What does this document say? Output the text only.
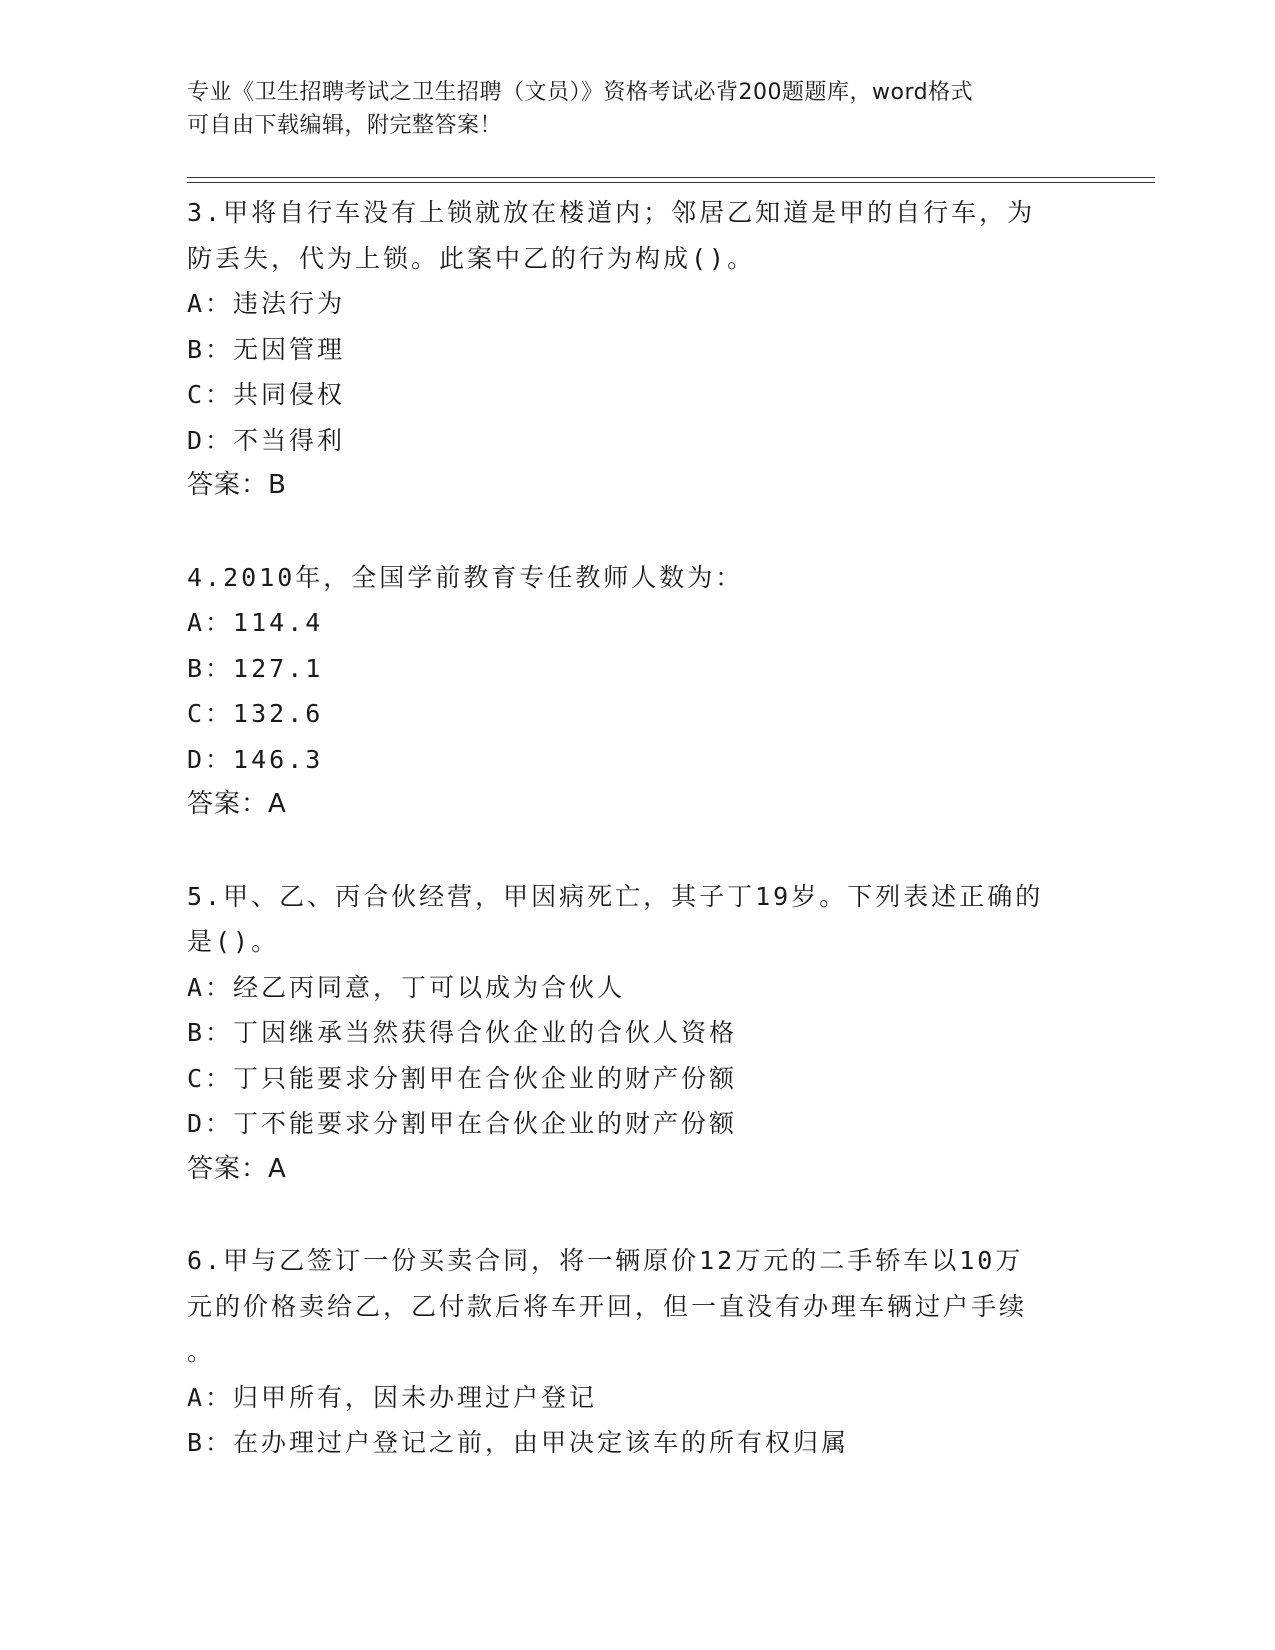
专业《卫生招聘考试之卫生招聘（文员）》资格考试必背200题题库，word格式
可自由下载编辑，附完整答案！
3.甲将自行车没有上锁就放在楼道内；邻居乙知道是甲的自行车，为
防丢失，代为上锁。此案中乙的行为构成()。
A：违法行为
B：无因管理
C：共同侵权
D：不当得利
答案：B
4.2010年，全国学前教育专任教师人数为：
A：114.4
B：127.1
C：132.6
D：146.3
答案：A
5.甲、乙、丙合伙经营，甲因病死亡，其子丁19岁。下列表述正确的
是()。
A：经乙丙同意，丁可以成为合伙人
B：丁因继承当然获得合伙企业的合伙人资格
C：丁只能要求分割甲在合伙企业的财产份额
D：丁不能要求分割甲在合伙企业的财产份额
答案：A
6.甲与乙签订一份买卖合同，将一辆原价12万元的二手轿车以10万
元的价格卖给乙，乙付款后将车开回，但一直没有办理车辆过户手续
。
A：归甲所有，因未办理过户登记
B：在办理过户登记之前，由甲决定该车的所有权归属
